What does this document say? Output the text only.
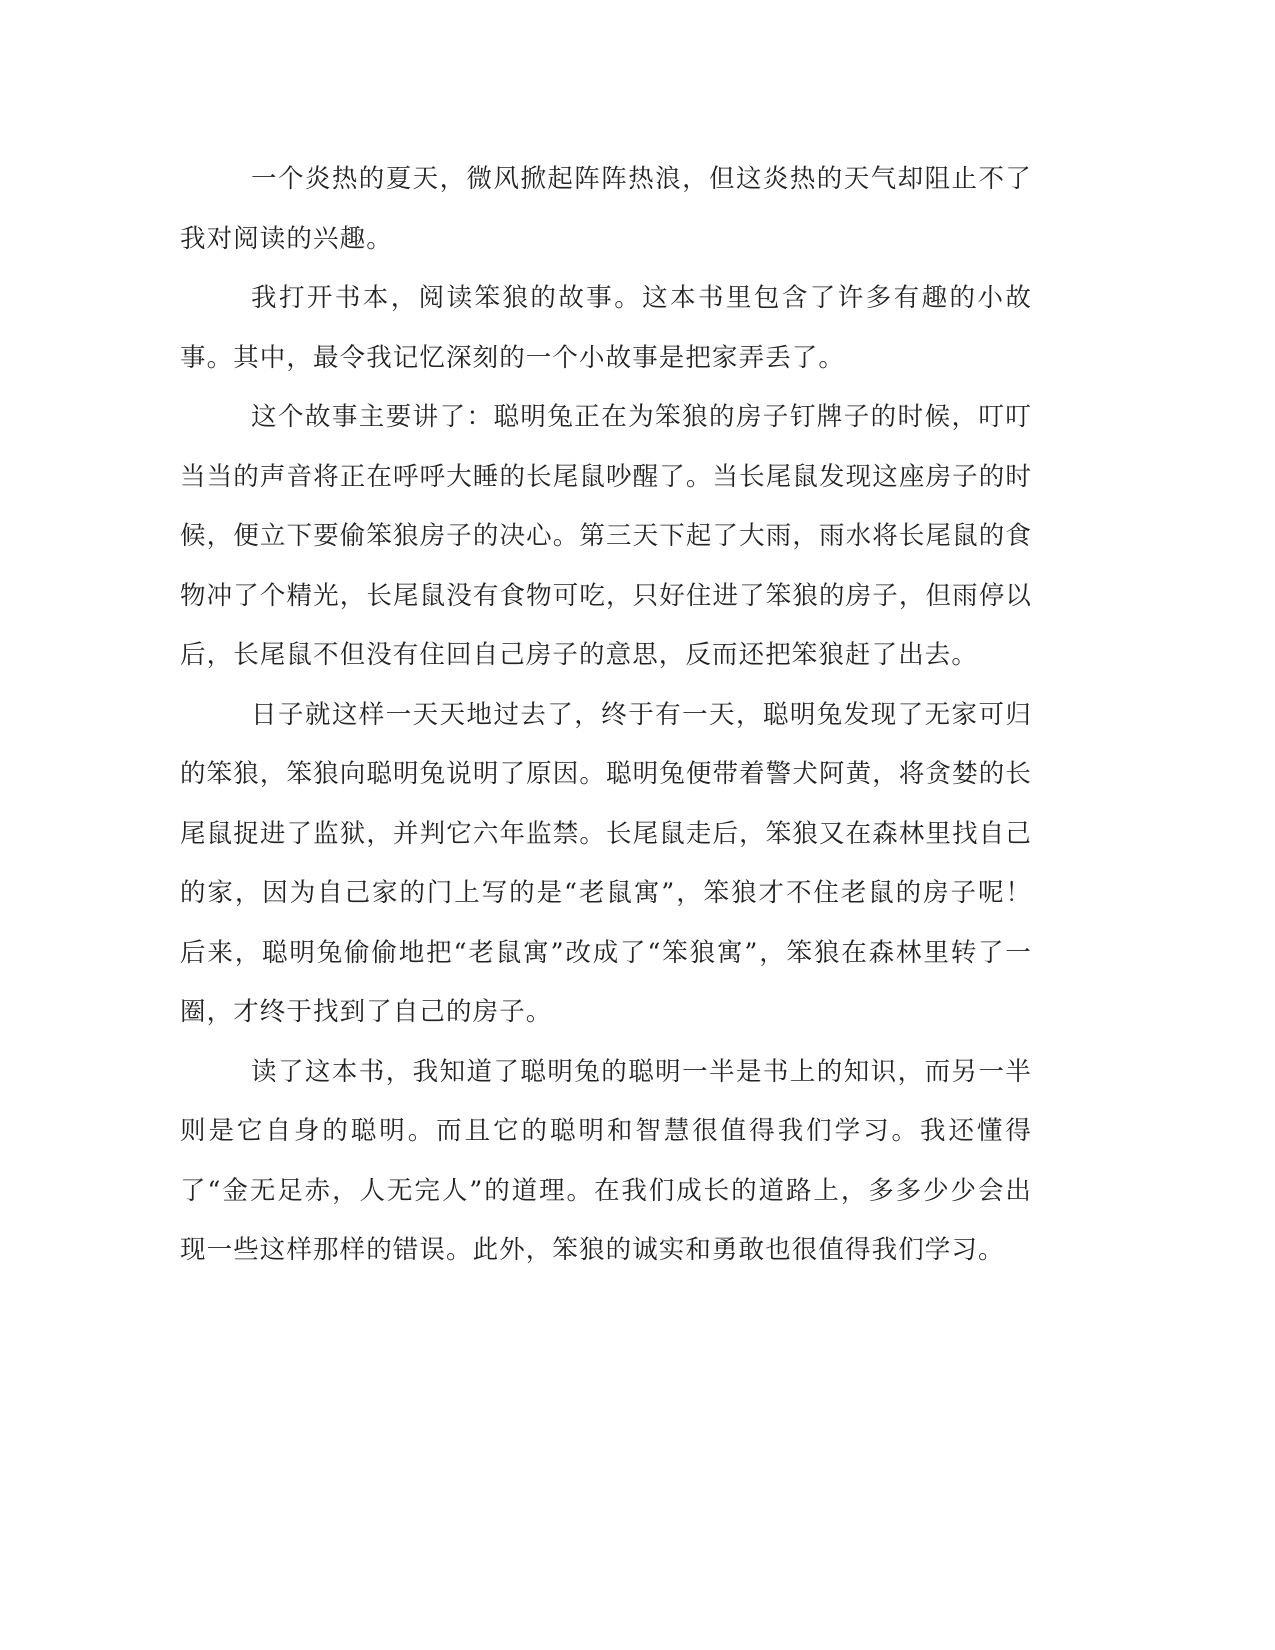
一个炎热的夏天，微风掀起阵阵热浪，但这炎热的天气却阻止不了我对阅读的兴趣。

我打开书本，阅读笨狼的故事。这本书里包含了许多有趣的小故事。其中，最令我记忆深刻的一个小故事是把家弄丢了。

这个故事主要讲了：聪明兔正在为笨狼的房子钉牌子的时候，叮叮当当的声音将正在呼呼大睡的长尾鼠吵醒了。当长尾鼠发现这座房子的时候，便立下要偷笨狼房子的决心。第三天下起了大雨，雨水将长尾鼠的食物冲了个精光，长尾鼠没有食物可吃，只好住进了笨狼的房子，但雨停以后，长尾鼠不但没有住回自己房子的意思，反而还把笨狼赶了出去。

日子就这样一天天地过去了，终于有一天，聪明兔发现了无家可归的笨狼，笨狼向聪明兔说明了原因。聪明兔便带着警犬阿黄，将贪婪的长尾鼠捉进了监狱，并判它六年监禁。长尾鼠走后，笨狼又在森林里找自己的家，因为自己家的门上写的是“老鼠寓”，笨狼才不住老鼠的房子呢！后来，聪明兔偷偷地把“老鼠寓”改成了“笨狼寓”，笨狼在森林里转了一圈，才终于找到了自己的房子。

读了这本书，我知道了聪明兔的聪明一半是书上的知识，而另一半则是它自身的聪明。而且它的聪明和智慧很值得我们学习。我还懂得了“金无足赤，人无完人”的道理。在我们成长的道路上，多多少少会出现一些这样那样的错误。此外，笨狼的诚实和勇敢也很值得我们学习。
